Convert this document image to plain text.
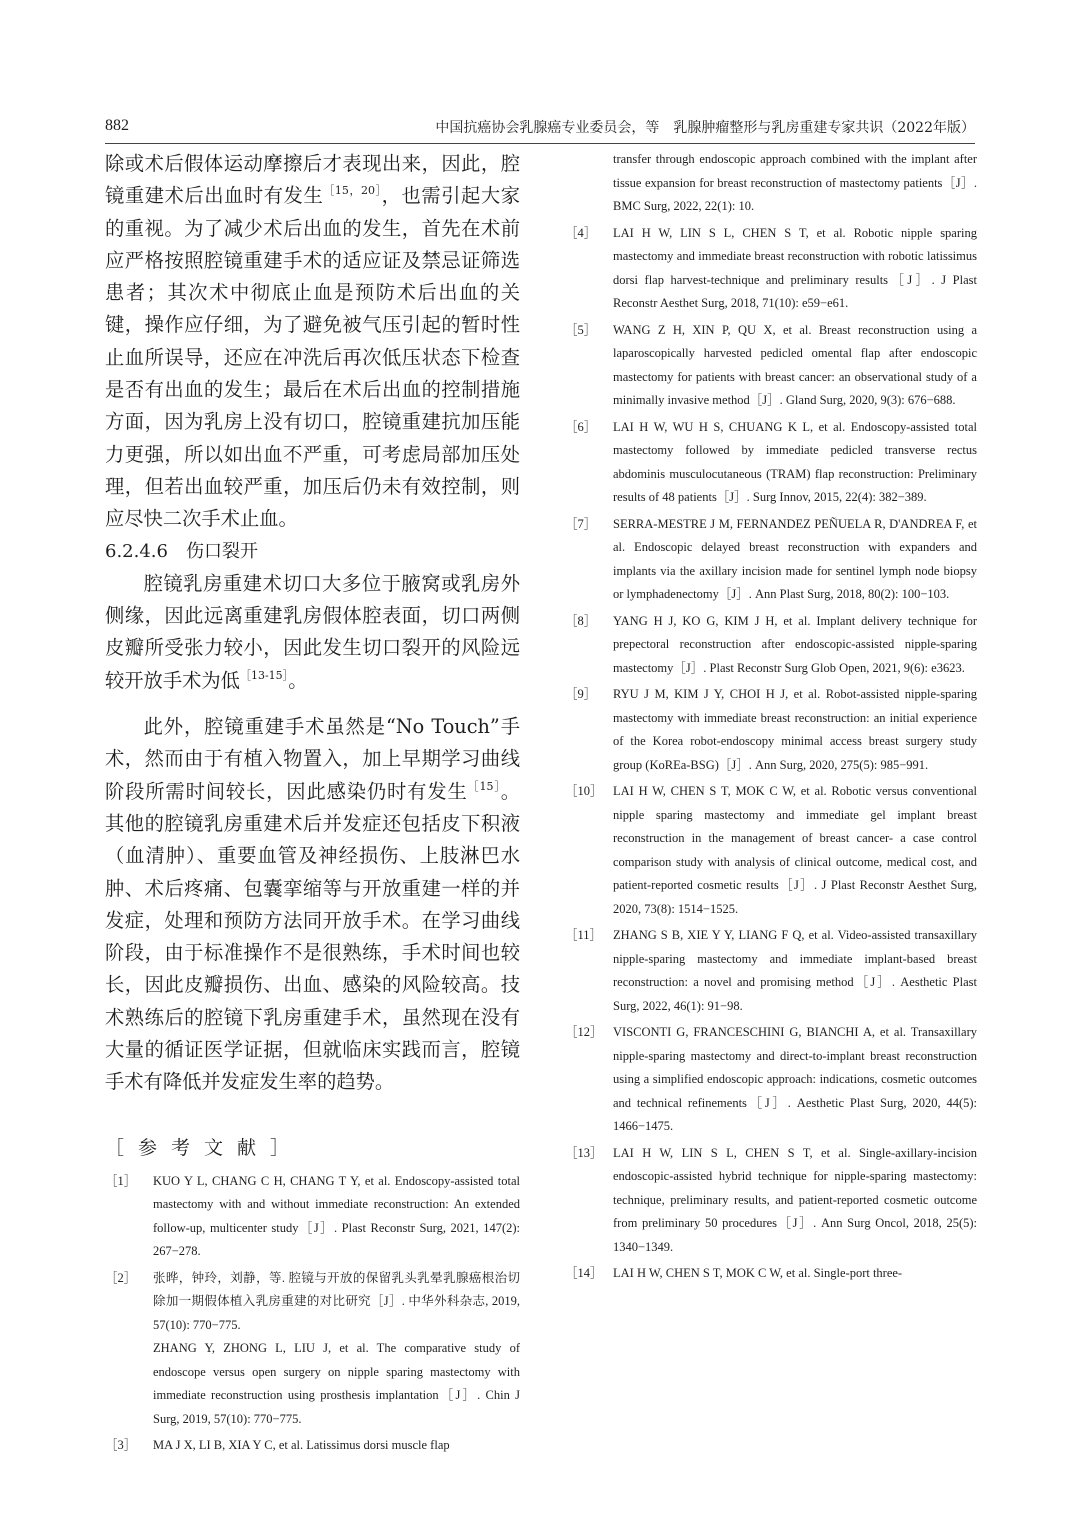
882	中国抗癌协会乳腺癌专业委员会，等　乳腺肿瘤整形与乳房重建专家共识（2022年版）

除或术后假体运动摩擦后才表现出来，因此，腔镜重建术后出血时有发生$^{[15,20]}$，也需引起大家的重视。为了减少术后出血的发生，首先在术前应严格按照腔镜重建手术的适应证及禁忌证筛选患者；其次术中彻底止血是预防术后出血的关键，操作应仔细，为了避免被气压引起的暂时性止血所误导，还应在冲洗后再次低压状态下检查是否有出血的发生；最后在术后出血的控制措施方面，因为乳房上没有切口，腔镜重建抗加压能力更强，所以如出血不严重，可考虑局部加压处理，但若出血较严重，加压后仍未有效控制，则应尽快二次手术止血。

6.2.4.6　伤口裂开

腔镜乳房重建术切口大多位于腋窝或乳房外侧缘，因此远离重建乳房假体腔表面，切口两侧皮瓣所受张力较小，因此发生切口裂开的风险远较开放手术为低$^{[13-15]}$。

此外，腔镜重建手术虽然是“No Touch”手术，然而由于有植入物置入，加上早期学习曲线阶段所需时间较长，因此感染仍时有发生$^{[15]}$。其他的腔镜乳房重建术后并发症还包括皮下积液（血清肿）、重要血管及神经损伤、上肢淋巴水肿、术后疼痛、包囊挛缩等与开放重建一样的并发症，处理和预防方法同开放手术。在学习曲线阶段，由于标准操作不是很熟练，手术时间也较长，因此皮瓣损伤、出血、感染的风险较高。技术熟练后的腔镜下乳房重建手术，虽然现在没有大量的循证医学证据，但就临床实践而言，腔镜手术有降低并发症发生率的趋势。

［参考文献］
［1］ KUO Y L, CHANG C H, CHANG T Y, et al. Endoscopy-assisted total mastectomy with and without immediate reconstruction: An extended follow-up, multicenter study［J］. Plast Reconstr Surg, 2021, 147(2): 267−278.
［2］ 张晔，钟玲，刘静，等. 腔镜与开放的保留乳头乳晕乳腺癌根治切除加一期假体植入乳房重建的对比研究［J］. 中华外科杂志, 2019, 57(10): 770−775.
ZHANG Y, ZHONG L, LIU J, et al. The comparative study of endoscope versus open surgery on nipple sparing mastectomy with immediate reconstruction using prosthesis implantation［J］. Chin J Surg, 2019, 57(10): 770−775.
［3］ MA J X, LI B, XIA Y C, et al. Latissimus dorsi muscle flap
transfer through endoscopic approach combined with the implant after tissue expansion for breast reconstruction of mastectomy patients［J］. BMC Surg, 2022, 22(1): 10.
［4］ LAI H W, LIN S L, CHEN S T, et al. Robotic nipple sparing mastectomy and immediate breast reconstruction with robotic latissimus dorsi flap harvest-technique and preliminary results［J］. J Plast Reconstr Aesthet Surg, 2018, 71(10): e59−e61.
［5］ WANG Z H, XIN P, QU X, et al. Breast reconstruction using a laparoscopically harvested pedicled omental flap after endoscopic mastectomy for patients with breast cancer: an observational study of a minimally invasive method［J］. Gland Surg, 2020, 9(3): 676−688.
［6］ LAI H W, WU H S, CHUANG K L, et al. Endoscopy-assisted total mastectomy followed by immediate pedicled transverse rectus abdominis musculocutaneous (TRAM) flap reconstruction: Preliminary results of 48 patients［J］. Surg Innov, 2015, 22(4): 382−389.
［7］ SERRA-MESTRE J M, FERNANDEZ PEÑUELA R, D'ANDREA F, et al. Endoscopic delayed breast reconstruction with expanders and implants via the axillary incision made for sentinel lymph node biopsy or lymphadenectomy［J］. Ann Plast Surg, 2018, 80(2): 100−103.
［8］ YANG H J, KO G, KIM J H, et al. Implant delivery technique for prepectoral reconstruction after endoscopic-assisted nipple-sparing mastectomy［J］. Plast Reconstr Surg Glob Open, 2021, 9(6): e3623.
［9］ RYU J M, KIM J Y, CHOI H J, et al. Robot-assisted nipple-sparing mastectomy with immediate breast reconstruction: an initial experience of the Korea robot-endoscopy minimal access breast surgery study group (KoREa-BSG)［J］. Ann Surg, 2020, 275(5): 985−991.
［10］ LAI H W, CHEN S T, MOK C W, et al. Robotic versus conventional nipple sparing mastectomy and immediate gel implant breast reconstruction in the management of breast cancer- a case control comparison study with analysis of clinical outcome, medical cost, and patient-reported cosmetic results［J］. J Plast Reconstr Aesthet Surg, 2020, 73(8): 1514−1525.
［11］ ZHANG S B, XIE Y Y, LIANG F Q, et al. Video-assisted transaxillary nipple-sparing mastectomy and immediate implant-based breast reconstruction: a novel and promising method［J］. Aesthetic Plast Surg, 2022, 46(1): 91−98.
［12］ VISCONTI G, FRANCESCHINI G, BIANCHI A, et al. Transaxillary nipple-sparing mastectomy and direct-to-implant breast reconstruction using a simplified endoscopic approach: indications, cosmetic outcomes and technical refinements［J］. Aesthetic Plast Surg, 2020, 44(5): 1466−1475.
［13］ LAI H W, LIN S L, CHEN S T, et al. Single-axillary-incision endoscopic-assisted hybrid technique for nipple-sparing mastectomy: technique, preliminary results, and patient-reported cosmetic outcome from preliminary 50 procedures［J］. Ann Surg Oncol, 2018, 25(5): 1340−1349.
［14］ LAI H W, CHEN S T, MOK C W, et al. Single-port three-
